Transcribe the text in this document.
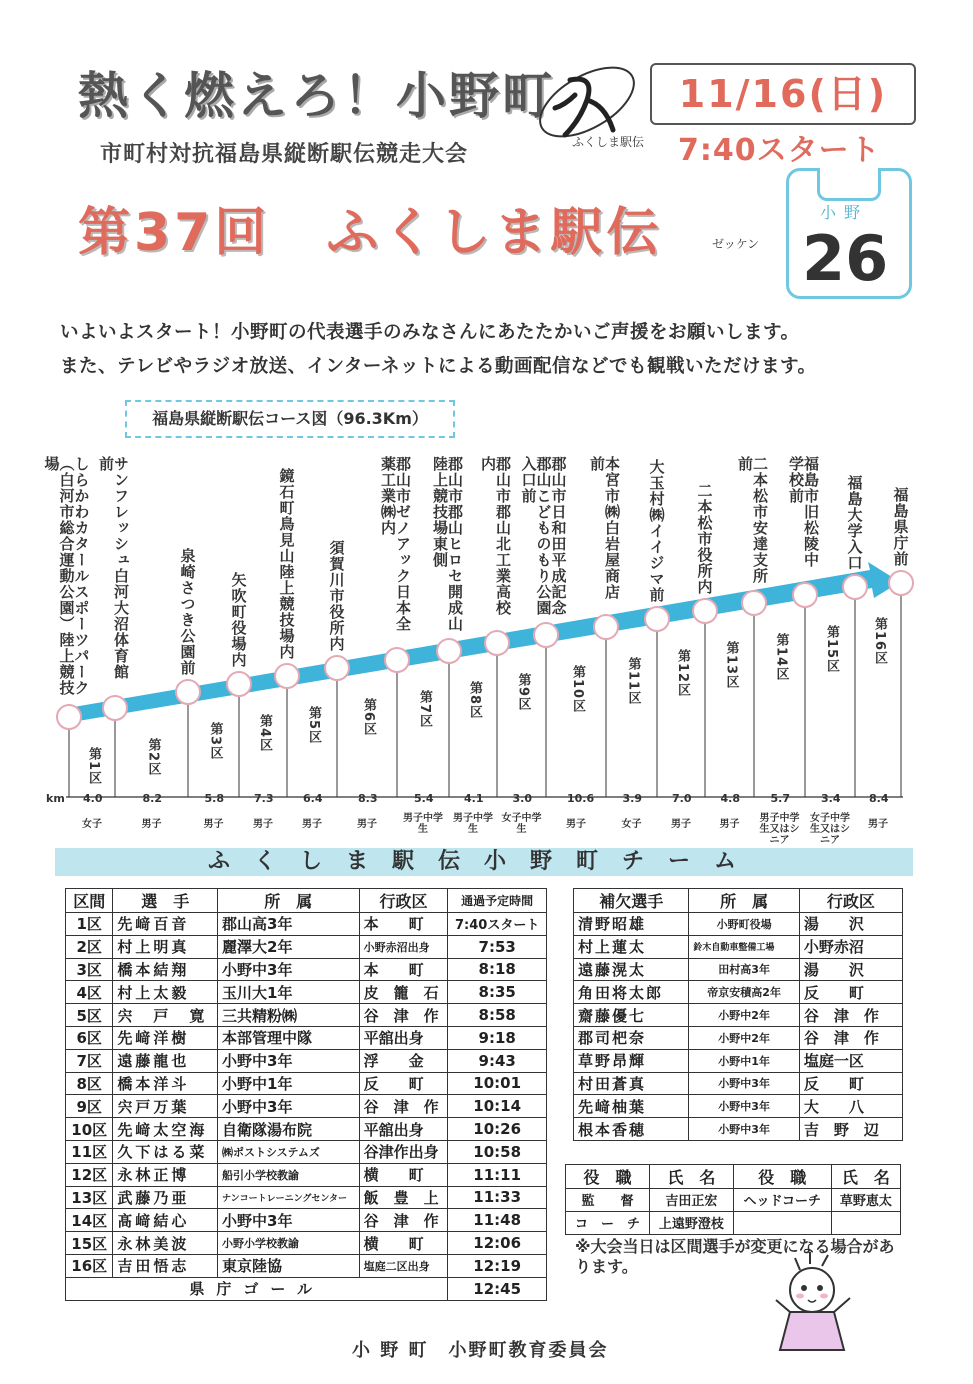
熱く燃えろ！小野町
市町村対抗福島県縦断駅伝競走大会	ふくしま駅伝
11/16(日)
7:40スタート
第37回　ふくしま駅伝	ゼッケン
小野
26
いよいよスタート！小野町の代表選手のみなさんにあたたかいご声援をお願いします。
また、テレビやラジオ放送、インターネットによる動画配信などでも観戦いただけます。
福島県縦断駅伝コース図（96.3Km）
しらかわカタールスポーツパーク（白河市総合運動公園）陸上競技場	サンフレッシュ白河大沼体育館前
泉崎さつき公園前 矢吹町役場内 鏡石町鳥見山陸上競技場内 須賀川市役所内	郡山市ゼノアック日本全薬工業㈱内	郡山市郡山ヒロセ開成山陸上競技場東側	郡山市郡山北工業高校内	郡山市日和田平成記念郡山こどものもり公園入口前	本宮市㈱白岩屋商店前	大玉村㈱イイジマ前 二本松市役所内	二本松市安達支所前	福島市旧松陵中学校前	福島大学入口 福島県庁前
第1区
4.0
女子
第2区
8.2
男子
第3区
5.8
男子
第4区
7.3
男子
第5区
6.4
男子
第6区
8.3
男子
第7区
5.4
男子中学生
第8区
4.1
男子中学生
第9区
3.0
女子中学生
第10区
10.6
男子
第11区
3.9
女子
第12区
7.0
男子
第13区
4.8
男子
第14区
5.7
男子中学生又はシニア
第15区
3.4
女子中学生又はシニア
第16区
8.4
男子
km
ふくしま駅伝小野町チーム
区間	選　手	所　属	行政区	通過予定時間
1区	先﨑百音	郡山高3年	本　　町	7:40スタート
2区	村上明真	麗澤大2年	小野赤沼出身	7:53
3区	橋本結翔	小野中3年	本　　町	8:18
4区	村上太毅	玉川大1年	皮　籠　石	8:35
5区	宍　戸　寛	三共精粉㈱	谷　津　作	8:58
6区	先﨑洋樹	本部管理中隊	平舘出身	9:18
7区	遠藤龍也	小野中3年	浮　　金	9:43
8区	橋本洋斗	小野中1年	反　　町	10:01
9区	宍戸万葉	小野中3年	谷　津　作	10:14
10区	先﨑太空海	自衛隊湯布院	平舘出身	10:26
11区	久下はる菜	㈱ポストシステムズ	谷津作出身	10:58
12区	永林正博	船引小学校教諭	横　　町	11:11
13区	武藤乃亜	ナンコートレーニングセンター	飯　豊　上	11:33
14区	髙﨑結心	小野中3年	谷　津　作	11:48
15区	永林美波	小野小学校教諭	横　　町	12:06
16区	吉田悟志	東京陸協	塩庭二区出身	12:19
県庁ゴール				12:45
補欠選手	所　属	行政区
清野昭雄	小野町役場	湯　　沢
村上蓮太	鈴木自動車整備工場	小野赤沼
遠藤滉太	田村高3年	湯　　沢
角田将太郎	帝京安積高2年	反　　町
齋藤優七	小野中2年	谷　津　作
郡司杷奈	小野中2年	谷　津　作
草野昂輝	小野中1年	塩庭一区
村田蒼真	小野中3年	反　　町
先﨑柚葉	小野中3年	大　　八
根本香穂	小野中3年	吉　野　辺
役　職	氏　名	役　職	氏　名
監　　督	吉田正宏	ヘッドコーチ	草野恵太
コ　ー　チ	上遠野澄枝		
※大会当日は区間選手が変更になる場合があります。
小 野 町　小野町教育委員会
